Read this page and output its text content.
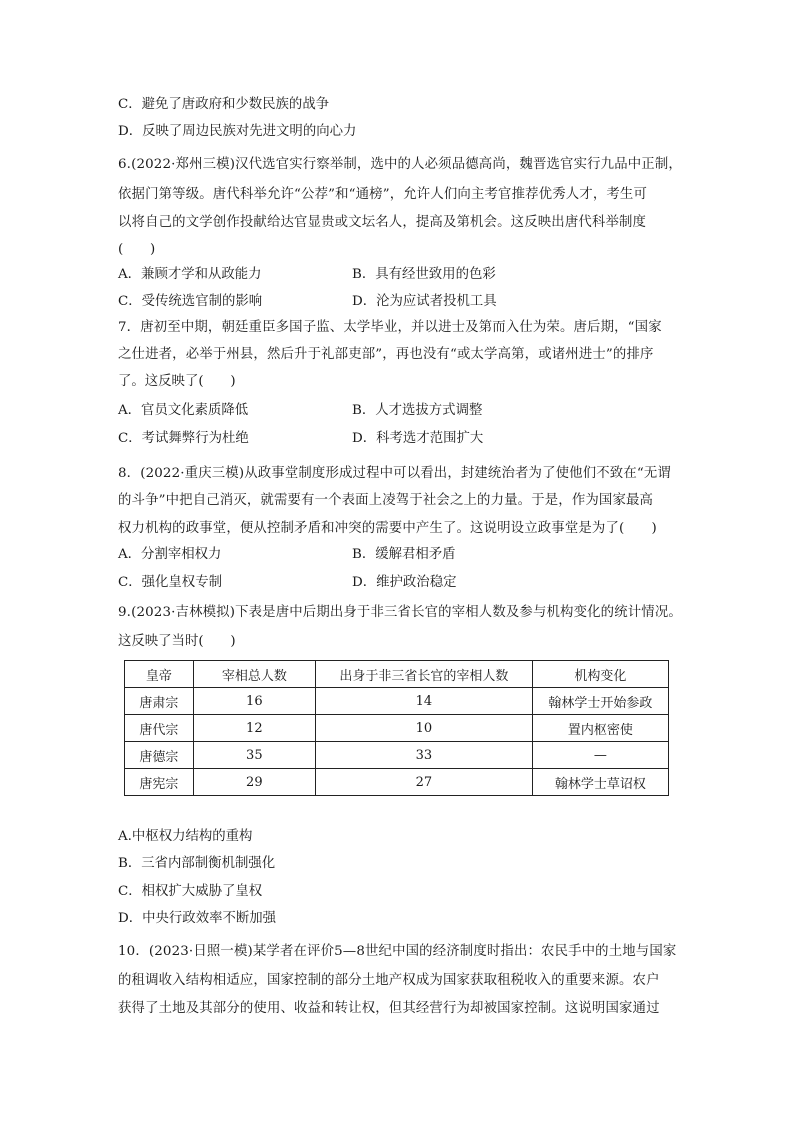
C．避免了唐政府和少数民族的战争
D．反映了周边民族对先进文明的向心力
6.(2022·郑州三模)汉代选官实行察举制，选中的人必须品德高尚，魏晋选官实行九品中正制，
依据门第等级。唐代科举允许“公荐”和“通榜”，允许人们向主考官推荐优秀人才，考生可
以将自己的文学创作投献给达官显贵或文坛名人，提高及第机会。这反映出唐代科举制度
(　　)
A．兼顾才学和从政能力	B．具有经世致用的色彩
C．受传统选官制的影响	D．沦为应试者投机工具
7．唐初至中期，朝廷重臣多国子监、太学毕业，并以进士及第而入仕为荣。唐后期，“国家
之仕进者，必举于州县，然后升于礼部吏部”，再也没有“或太学高第，或诸州进士”的排序
了。这反映了(　　)
A．官员文化素质降低	B．人才选拔方式调整
C．考试舞弊行为杜绝	D．科考选才范围扩大
8．(2022·重庆三模)从政事堂制度形成过程中可以看出，封建统治者为了使他们不致在“无谓
的斗争”中把自己消灭，就需要有一个表面上凌驾于社会之上的力量。于是，作为国家最高
权力机构的政事堂，便从控制矛盾和冲突的需要中产生了。这说明设立政事堂是为了(　　)
A．分割宰相权力	B．缓解君相矛盾
C．强化皇权专制	D．维护政治稳定
9.(2023·吉林模拟)下表是唐中后期出身于非三省长官的宰相人数及参与机构变化的统计情况。
这反映了当时(　　)
皇帝	宰相总人数	出身于非三省长官的宰相人数	机构变化
唐肃宗	16	14	翰林学士开始参政
唐代宗	12	10	置内枢密使
唐德宗	35	33	—
唐宪宗	29	27	翰林学士草诏权
A.中枢权力结构的重构
B．三省内部制衡机制强化
C．相权扩大威胁了皇权
D．中央行政效率不断加强
10．(2023·日照一模)某学者在评价5—8世纪中国的经济制度时指出：农民手中的土地与国家
的租调收入结构相适应，国家控制的部分土地产权成为国家获取租税收入的重要来源。农户
获得了土地及其部分的使用、收益和转让权，但其经营行为却被国家控制。这说明国家通过
